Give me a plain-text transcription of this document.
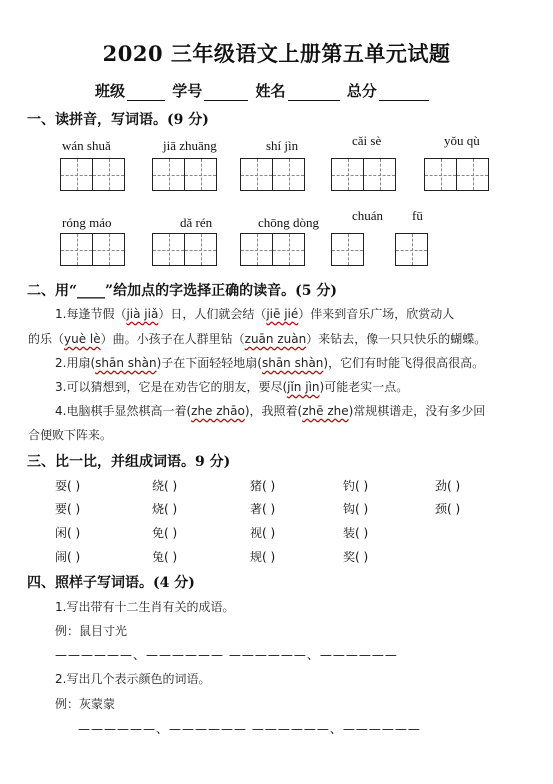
2020 三年级语文上册第五单元试题
班级	学号	姓名	总分
一、读拼音，写词语。(9 分)
wán shuǎ	jiā zhuāng	shí jìn	cǎi sè	yǒu qù
róng máo	dǎ rén	chōng dòng	chuán fū
二、用“____”给加点的字选择正确的读音。(5 分)
1.每逢节假（jià jiǎ）日，人们就会结（jiē jié）伴来到音乐广场，欣赏动人
的乐（yuè lè）曲。小孩子在人群里钻（zuān zuàn）来钻去，像一只只快乐的蝴蝶。
2.用扇(shān shàn)子在下面轻轻地扇(shān shàn)，它们有时能飞得很高很高。
3.可以猜想到，它是在劝告它的朋友，要尽(jǐn jìn)可能老实一点。
4.电脑棋手显然棋高一着(zhe zhāo)，我照着(zhē zhe)常规棋谱走，没有多少回
合便败下阵来。
三、比一比，并组成词语。9 分)
耍( )	绕( )	猪( )	钓( )	劲( )
要( )	烧( )	著( )	钩( )	颈( )
闲( )	免( )	视( )	装( )
闹( )	兔( )	规( )	奖( )
四、照样子写词语。(4 分)
1.写出带有十二生肖有关的成语。
例：鼠目寸光
——————、—————— ——————、——————
2.写出几个表示颜色的词语。
例：灰蒙蒙
——————、—————— ——————、——————
